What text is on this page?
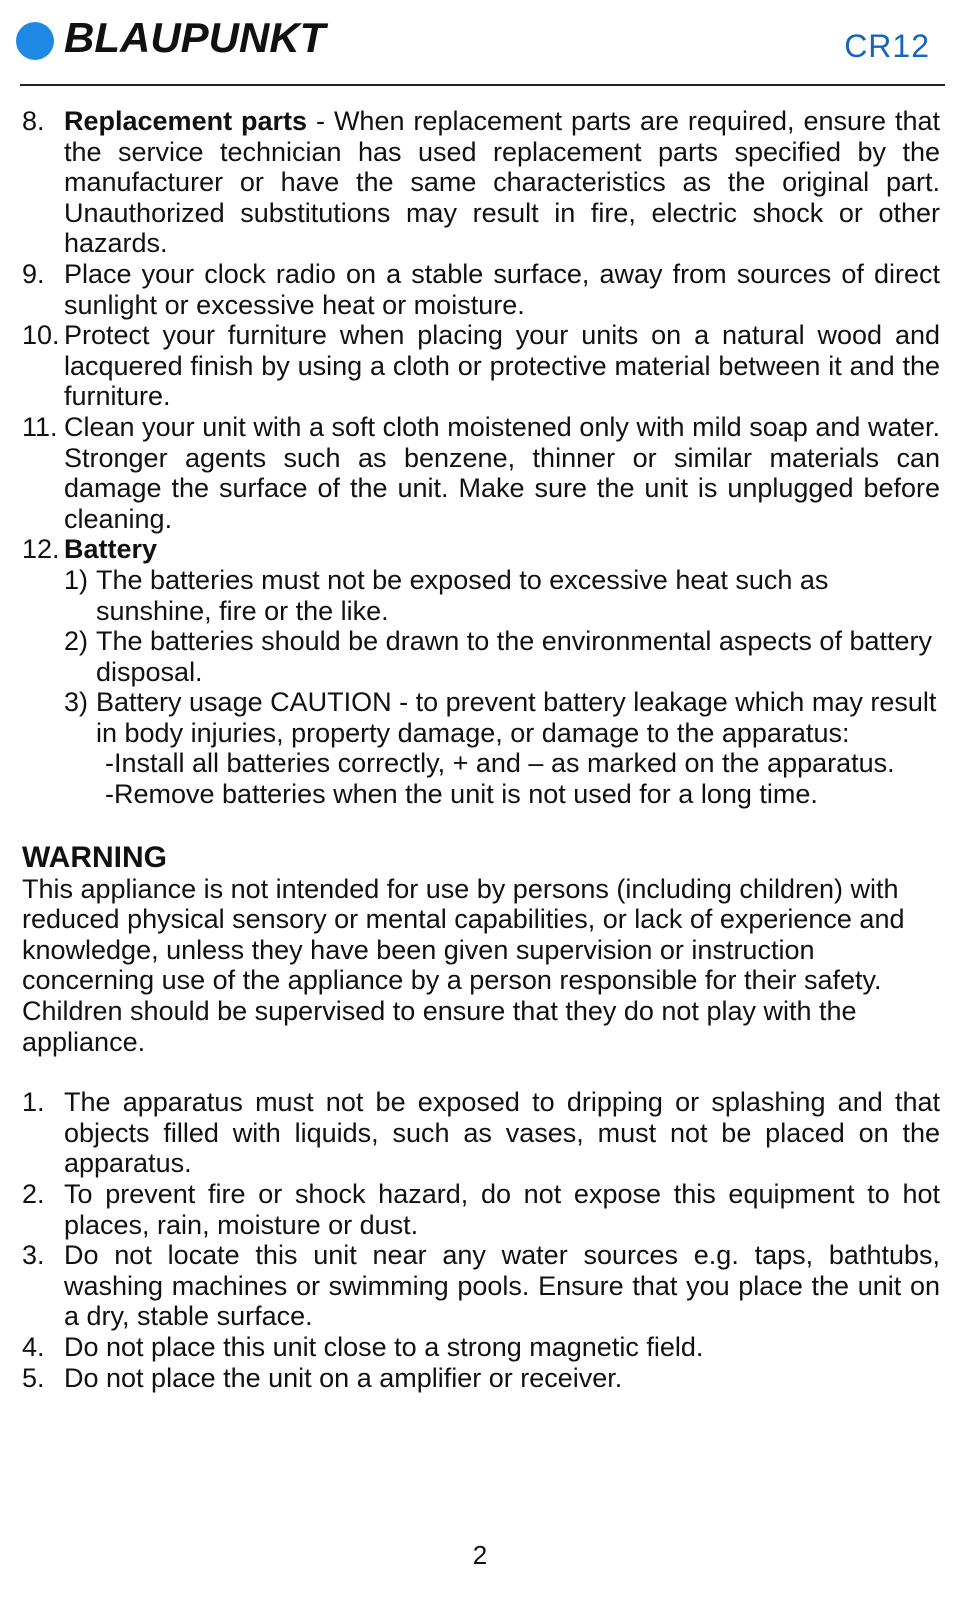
BLAUPUNKT	CR12
8. Replacement parts - When replacement parts are required, ensure that the service technician has used replacement parts specified by the manufacturer or have the same characteristics as the original part. Unauthorized substitutions may result in fire, electric shock or other hazards.
9. Place your clock radio on a stable surface, away from sources of direct sunlight or excessive heat or moisture.
10. Protect your furniture when placing your units on a natural wood and lacquered finish by using a cloth or protective material between it and the furniture.
11. Clean your unit with a soft cloth moistened only with mild soap and water. Stronger agents such as benzene, thinner or similar materials can damage the surface of the unit. Make sure the unit is unplugged before cleaning.
12. Battery
1) The batteries must not be exposed to excessive heat such as sunshine, fire or the like.
2) The batteries should be drawn to the environmental aspects of battery disposal.
3) Battery usage CAUTION - to prevent battery leakage which may result in body injuries, property damage, or damage to the apparatus:
-Install all batteries correctly, + and – as marked on the apparatus.
-Remove batteries when the unit is not used for a long time.
WARNING
This appliance is not intended for use by persons (including children) with reduced physical sensory or mental capabilities, or lack of experience and knowledge, unless they have been given supervision or instruction concerning use of the appliance by a person responsible for their safety.
Children should be supervised to ensure that they do not play with the appliance.
1. The apparatus must not be exposed to dripping or splashing and that objects filled with liquids, such as vases, must not be placed on the apparatus.
2. To prevent fire or shock hazard, do not expose this equipment to hot places, rain, moisture or dust.
3. Do not locate this unit near any water sources e.g. taps, bathtubs, washing machines or swimming pools. Ensure that you place the unit on a dry, stable surface.
4. Do not place this unit close to a strong magnetic field.
5. Do not place the unit on a amplifier or receiver.
2
